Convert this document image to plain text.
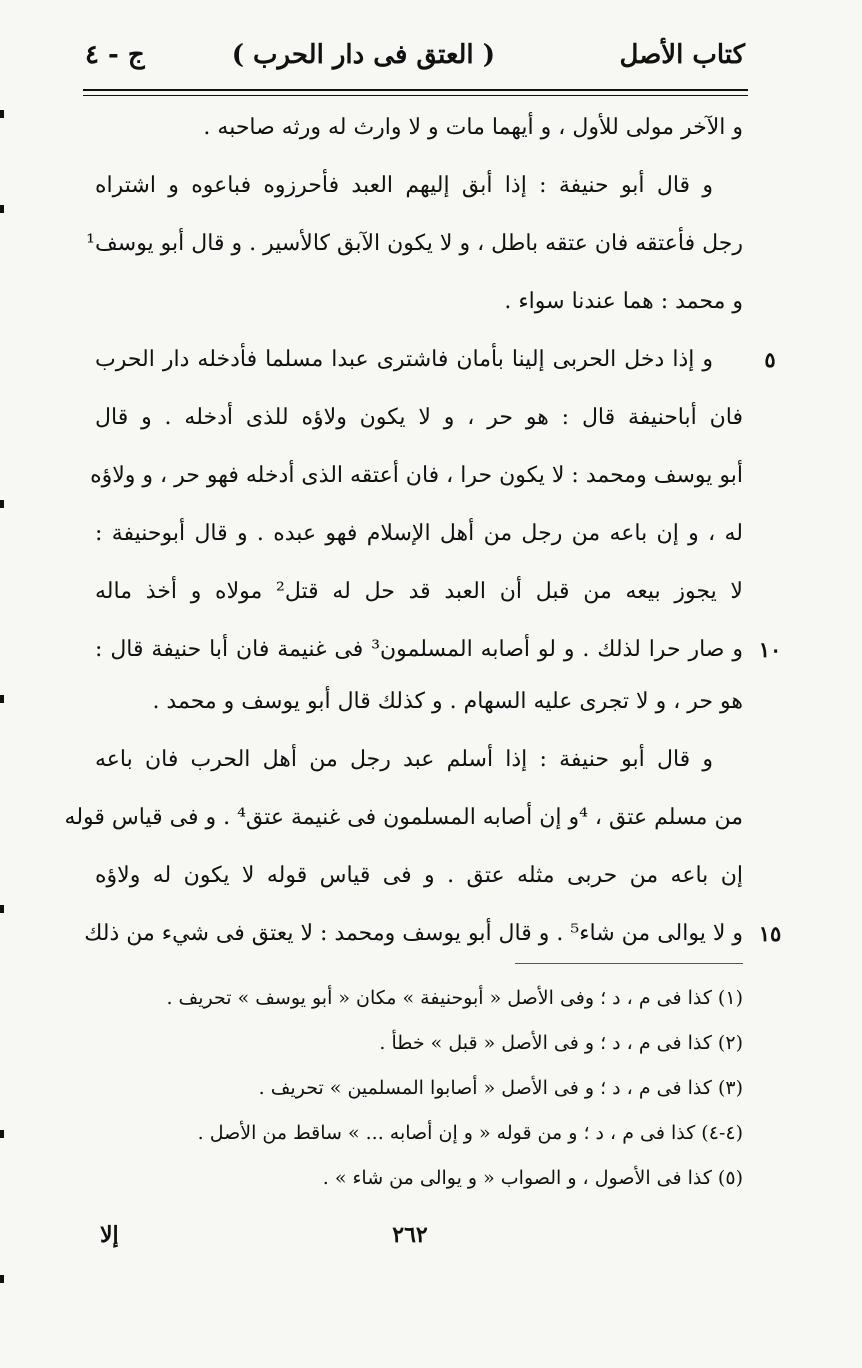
كتاب الأصل
( العتق فى دار الحرب )
ج - ٤
و الآخر مولى للأول ، و أيهما مات و لا وارث له ورثه صاحبه .
و قال أبو حنيفة : إذا أبق إليهم العبد فأحرزوه فباعوه و اشتراه
رجل فأعتقه فان عتقه باطل ، و لا يكون الآبق كالأسير . و قال أبو يوسف¹
و محمد : هما عندنا سواء .
و إذا دخل الحربى إلينا بأمان فاشترى عبدا مسلما فأدخله دار الحرب
فان أباحنيفة قال : هو حر ، و لا يكون ولاؤه للذى أدخله . و قال
أبو يوسف ومحمد : لا يكون حرا ، فان أعتقه الذى أدخله فهو حر ، و ولاؤه
له ، و إن باعه من رجل من أهل الإسلام فهو عبده . و قال أبوحنيفة :
لا يجوز بيعه من قبل أن العبد قد حل له قتل² مولاه و أخذ ماله
و صار حرا لذلك . و لو أصابه المسلمون³ فى غنيمة فان أبا حنيفة قال :
هو حر ، و لا تجرى عليه السهام . و كذلك قال أبو يوسف و محمد .
و قال أبو حنيفة : إذا أسلم عبد رجل من أهل الحرب فان باعه
من مسلم عتق ، ⁴و إن أصابه المسلمون فى غنيمة عتق⁴ . و فى قياس قوله
إن باعه من حربى مثله عتق . و فى قياس قوله لا يكون له ولاؤه
و لا يوالى من شاء⁵ . و قال أبو يوسف ومحمد : لا يعتق فى شيء من ذلك
٥
١٠
١٥
(١) كذا فى م ، د ؛ وفى الأصل « أبوحنيفة » مكان « أبو يوسف » تحريف .
(٢) كذا فى م ، د ؛ و فى الأصل « قبل » خطأ .
(٣) كذا فى م ، د ؛ و فى الأصل « أصابوا المسلمين » تحريف .
(٤-٤) كذا فى م ، د ؛ و من قوله « و إن أصابه ... » ساقط من الأصل .
(٥) كذا فى الأصول ، و الصواب « و يوالى من شاء » .
٢٦٢
إلا
